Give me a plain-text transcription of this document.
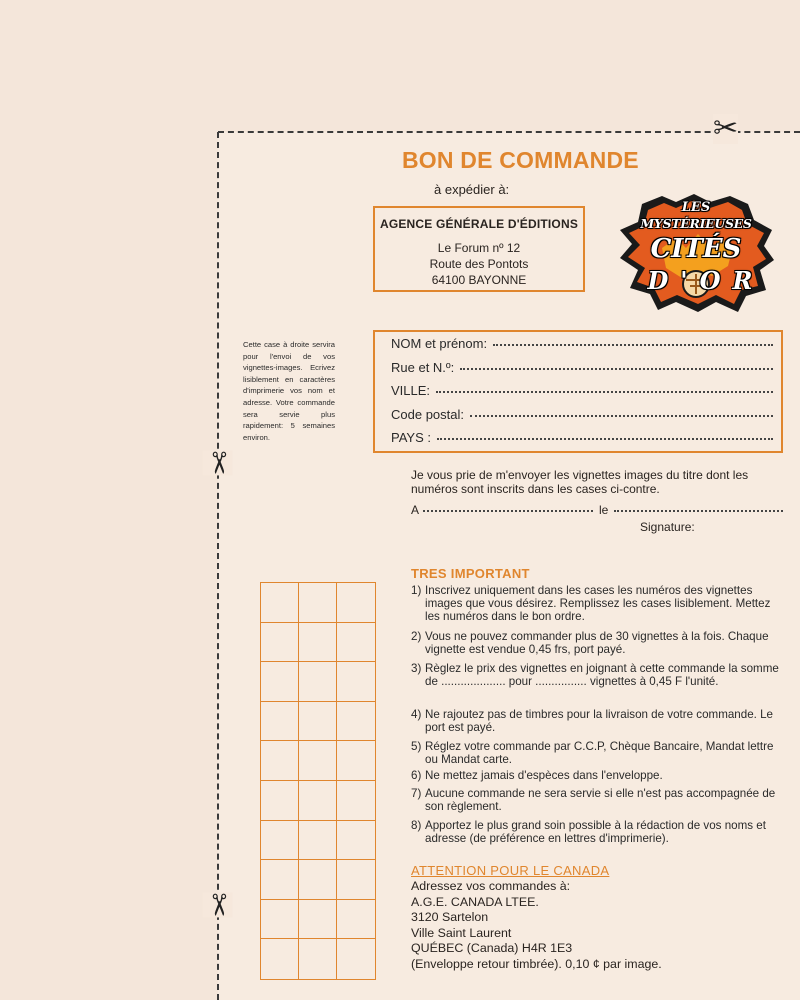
✂
✂
✂
BON DE COMMANDE
à expédier à:
AGENCE GÉNÉRALE D'ÉDITIONS
Le Forum nº 12
Route des Pontots
64100 BAYONNE
LES
MYSTÉRIEUSES
CITÉS
D'OR
Cette case à droite servira pour l'envoi de vos vignettes-images. Ecrivez lisiblement en caractères d'imprimerie vos nom et adresse. Votre commande sera servie plus rapidement: 5 semaines environ.
NOM et prénom:
Rue et N.º:
VILLE:
Code postal:
PAYS :
Je vous prie de m'envoyer les vignettes images du titre dont les numéros sont inscrits dans les cases ci-contre.
A	le
Signature:
TRES IMPORTANT
1) Inscrivez uniquement dans les cases les numéros des vignettes images que vous désirez. Remplissez les cases lisiblement. Mettez les numéros dans le bon ordre.
2) Vous ne pouvez commander plus de 30 vignettes à la fois. Chaque vignette est vendue 0,45 frs, port payé.
3) Règlez le prix des vignettes en joignant à cette commande la somme de .................... pour ................ vignettes à 0,45 F l'unité.
4) Ne rajoutez pas de timbres pour la livraison de votre commande. Le port est payé.
5) Réglez votre commande par C.C.P, Chèque Bancaire, Mandat lettre ou Mandat carte.
6) Ne mettez jamais d'espèces dans l'enveloppe.
7) Aucune commande ne sera servie si elle n'est pas accompagnée de son règlement.
8) Apportez le plus grand soin possible à la rédaction de vos noms et adresse (de préférence en lettres d'imprimerie).
ATTENTION POUR LE CANADA
Adressez vos commandes à:
A.G.E. CANADA LTEE.
3120 Sartelon
Ville Saint Laurent
QUÉBEC (Canada) H4R 1E3
(Enveloppe retour timbrée). 0,10 ¢ par image.
